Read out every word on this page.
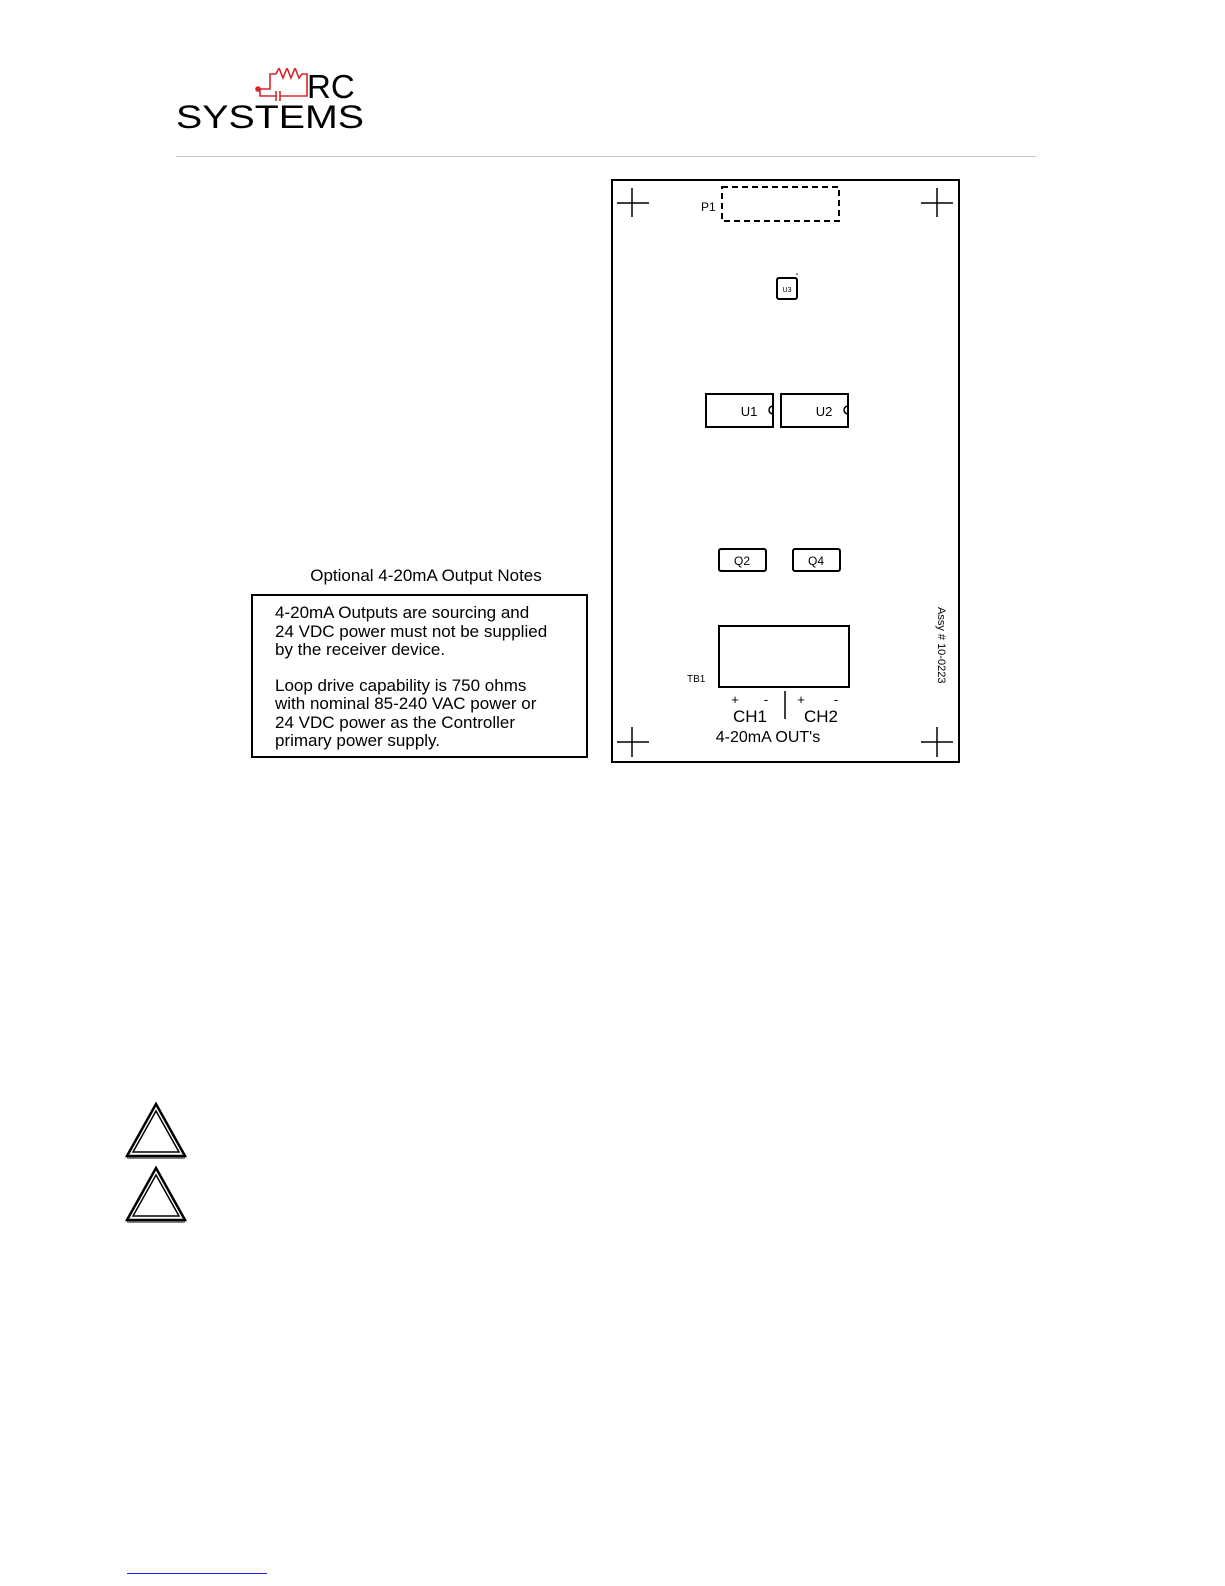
RC
SYSTEMS
Optional 4-20mA Output Notes

4-20mA Outputs are sourcing and
24 VDC power must not be supplied
by the receiver device.

Loop drive capability is 750 ohms
with nominal 85-240 VAC power or
24 VDC power as the Controller
primary power supply.

P1
U3
U1	U2
Q2	Q4
TB1
+ - + -
CH1 CH2
4-20mA OUT's
Assy # 10-0223
